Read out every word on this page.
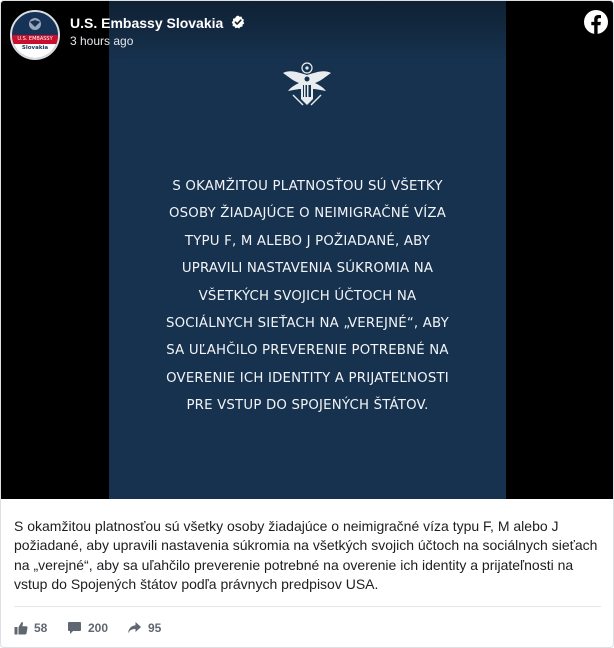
S OKAMŽITOU PLATNOSŤOU SÚ VŠETKY
OSOBY ŽIADAJÚCE O NEIMIGRAČNÉ VÍZA
TYPU F, M ALEBO J POŽIADANÉ, ABY
UPRAVILI NASTAVENIA SÚKROMIA NA
VŠETKÝCH SVOJICH ÚČTOCH NA
SOCIÁLNYCH SIEŤACH NA „VEREJNÉ“, ABY
SA UĽAHČILO PREVERENIE POTREBNÉ NA
OVERENIE ICH IDENTITY A PRIJATEĽNOSTI
PRE VSTUP DO SPOJENÝCH ŠTÁTOV.
U.S. EMBASSY
Slovakia
U.S. Embassy Slovakia
3 hours ago
S okamžitou platnosťou sú všetky osoby žiadajúce o neimigračné víza typu F, M alebo J požiadané, aby upravili nastavenia súkromia na všetkých svojich účtoch na sociálnych sieťach na „verejné“, aby sa uľahčilo preverenie potrebné na overenie ich identity a prijateľnosti na vstup do Spojených štátov podľa právnych predpisov USA.
58	200	95
